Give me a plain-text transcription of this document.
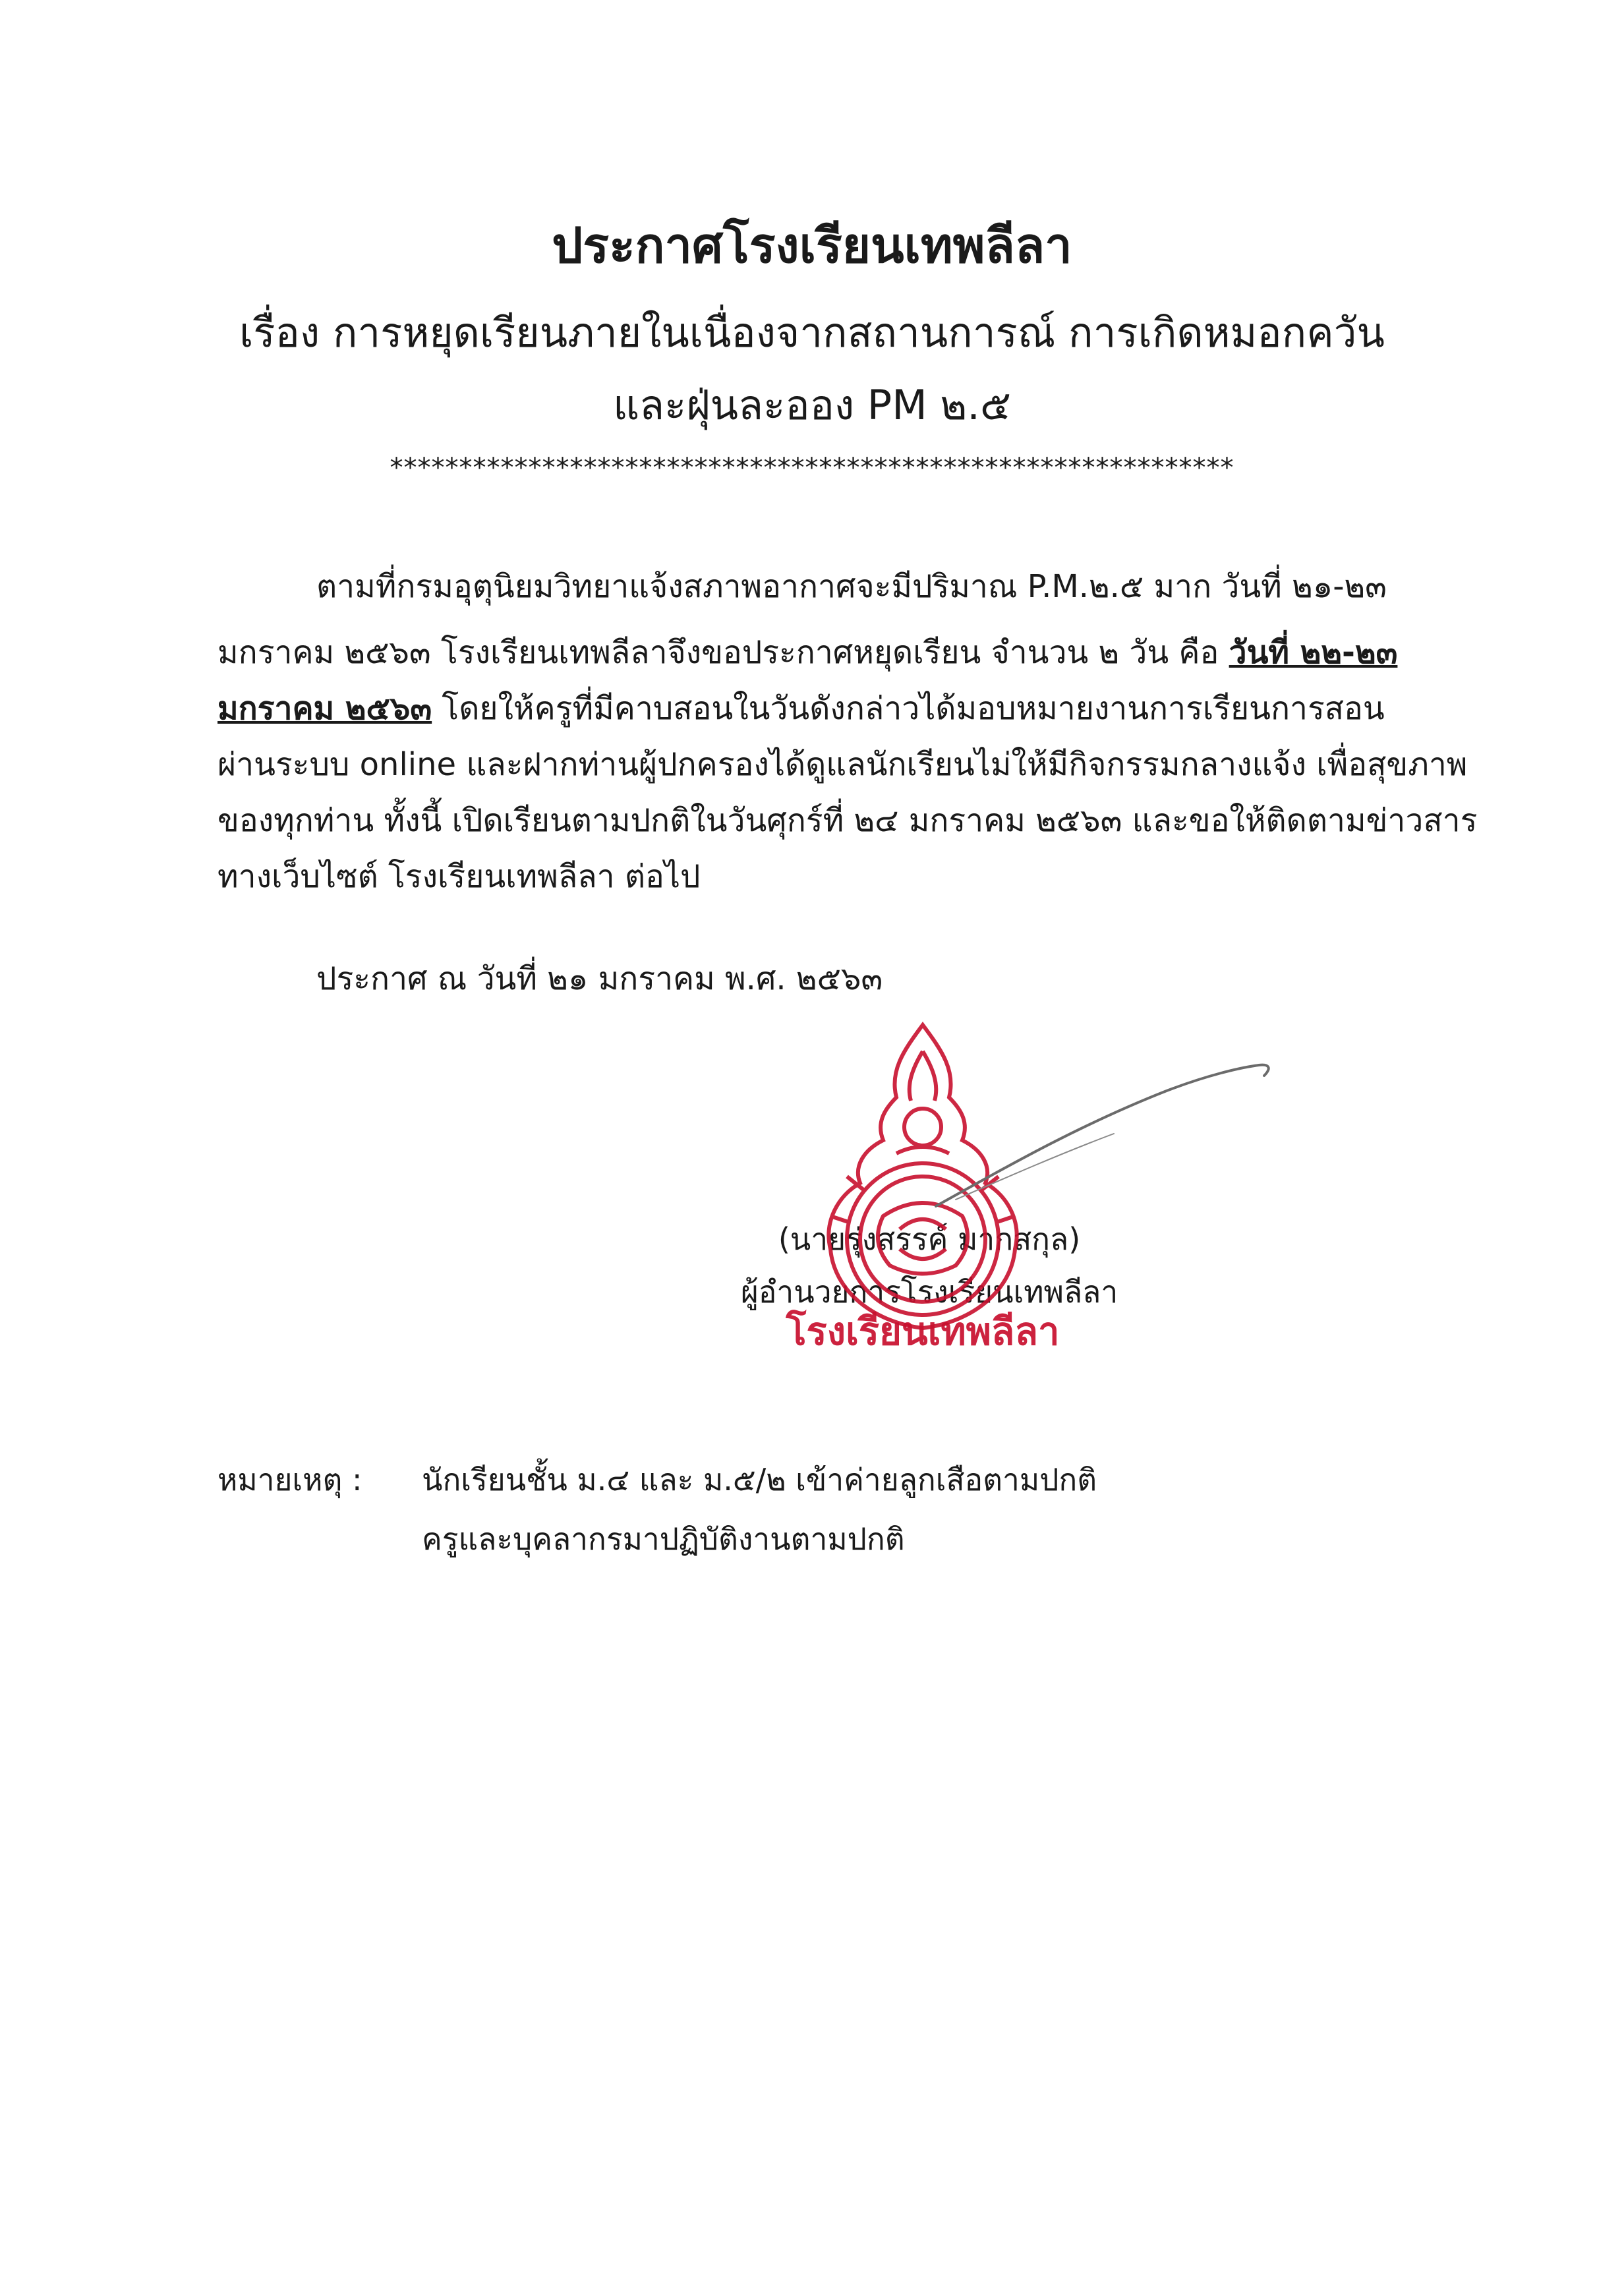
ประกาศโรงเรียนเทพลีลา
เรื่อง การหยุดเรียนภายในเนื่องจากสถานการณ์ การเกิดหมอกควัน
และฝุ่นละออง PM ๒.๕
*************************************************************
ตามที่กรมอุตุนิยมวิทยาแจ้งสภาพอากาศจะมีปริมาณ P.M.๒.๕ มาก วันที่ ๒๑-๒๓
มกราคม ๒๕๖๓ โรงเรียนเทพลีลาจึงขอประกาศหยุดเรียน จำนวน ๒ วัน คือ วันที่ ๒๒-๒๓
มกราคม ๒๕๖๓ โดยให้ครูที่มีคาบสอนในวันดังกล่าวได้มอบหมายงานการเรียนการสอน
ผ่านระบบ online และฝากท่านผู้ปกครองได้ดูแลนักเรียนไม่ให้มีกิจกรรมกลางแจ้ง เพื่อสุขภาพ
ของทุกท่าน ทั้งนี้ เปิดเรียนตามปกติในวันศุกร์ที่ ๒๔ มกราคม ๒๕๖๓ และขอให้ติดตามข่าวสาร
ทางเว็บไซต์ โรงเรียนเทพลีลา ต่อไป
ประกาศ ณ วันที่ ๒๑ มกราคม พ.ศ. ๒๕๖๓
(นายรุ่งสรรค์ มากสกุล)
ผู้อำนวยการโรงเรียนเทพลีลา
โรงเรียนเทพลีลา
หมายเหตุ : นักเรียนชั้น ม.๔ และ ม.๕/๒ เข้าค่ายลูกเสือตามปกติ
ครูและบุคลากรมาปฏิบัติงานตามปกติ
